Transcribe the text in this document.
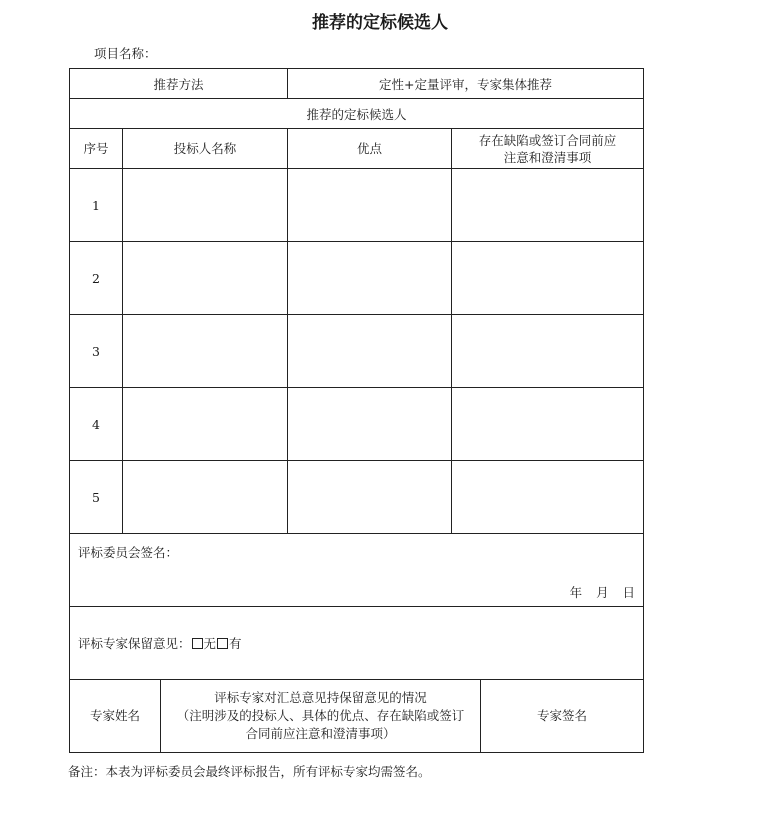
推荐的定标候选人
项目名称：
推荐方法			定性+定量评审，专家集体推荐		
推荐的定标候选人					
序号	投标人名称		优点	存在缺陷或签订合同前应
注意和澄清事项	

1					
2					
3					
4					
5					

评标委员会签名：
年 月 日					

评标专家保留意见： 无 有					
专家姓名		评标专家对汇总意见持保留意见的情况
（注明涉及的投标人、具体的优点、存在缺陷或签订
合同前应注意和澄清事项）			专家签名
备注：本表为评标委员会最终评标报告，所有评标专家均需签名。
